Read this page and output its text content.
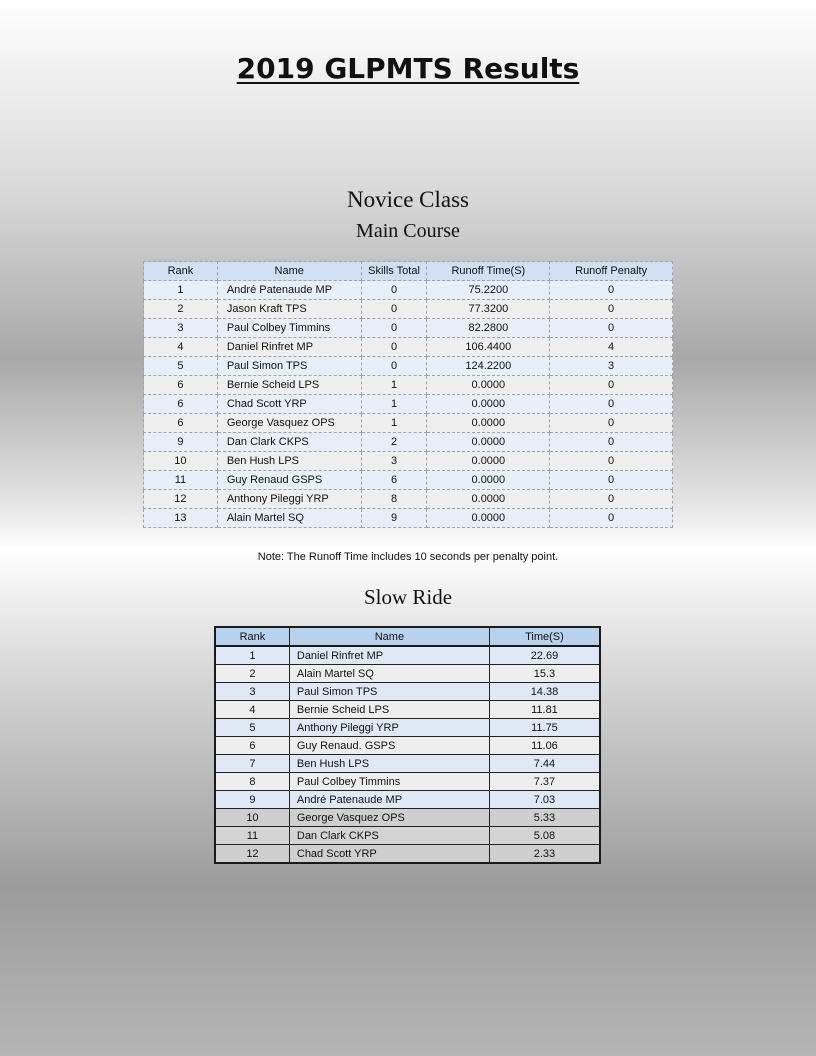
2019 GLPMTS Results
Novice Class
Main Course
Rank	Name	Skills Total	Runoff Time(S)	Runoff Penalty
1	André Patenaude MP	0	75.2200	0
2	Jason Kraft TPS	0	77.3200	0
3	Paul Colbey Timmins	0	82.2800	0
4	Daniel Rinfret MP	0	106.4400	4
5	Paul Simon TPS	0	124.2200	3
6	Bernie Scheid LPS	1	0.0000	0
6	Chad Scott YRP	1	0.0000	0
6	George Vasquez OPS	1	0.0000	0
9	Dan Clark CKPS	2	0.0000	0
10	Ben Hush LPS	3	0.0000	0
11	Guy Renaud GSPS	6	0.0000	0
12	Anthony Pileggi YRP	8	0.0000	0
13	Alain Martel SQ	9	0.0000	0
Note: The Runoff Time includes 10 seconds per penalty point.
Slow Ride
Rank	Name	Time(S)
1	Daniel Rinfret MP	22.69
2	Alain Martel SQ	15.3
3	Paul Simon TPS	14.38
4	Bernie Scheid LPS	11.81
5	Anthony Pileggi YRP	11.75
6	Guy Renaud. GSPS	11.06
7	Ben Hush LPS	7.44
8	Paul Colbey Timmins	7.37
9	André Patenaude MP	7.03
10	George Vasquez OPS	5.33
11	Dan Clark CKPS	5.08
12	Chad Scott YRP	2.33
